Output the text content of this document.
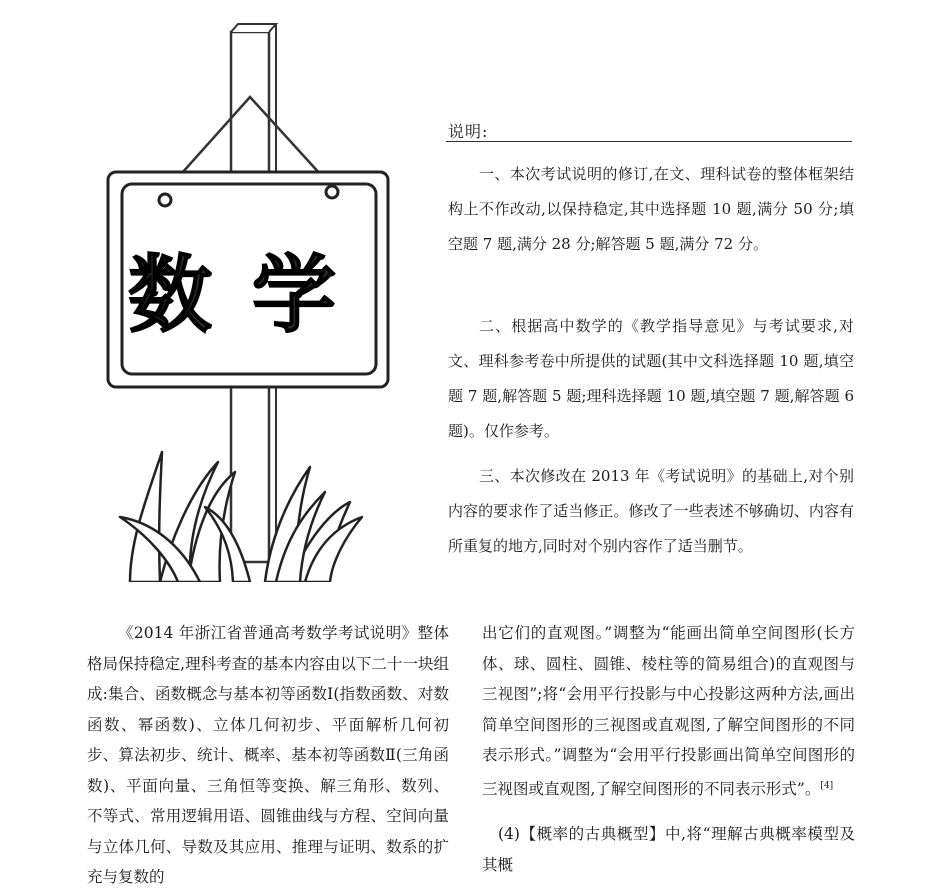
数学
说明:

一、本次考试说明的修订,在文、理科试卷的整体框架结构上不作改动,以保持稳定,其中选择题 10 题,满分 50 分;填空题 7 题,满分 28 分;解答题 5 题,满分 72 分。

二、根据高中数学的《教学指导意见》与考试要求,对文、理科参考卷中所提供的试题(其中文科选择题 10 题,填空题 7 题,解答题 5 题;理科选择题 10 题,填空题 7 题,解答题 6 题)。仅作参考。

三、本次修改在 2013 年《考试说明》的基础上,对个别内容的要求作了适当修正。修改了一些表述不够确切、内容有所重复的地方,同时对个别内容作了适当删节。

《2014 年浙江省普通高考数学考试说明》整体格局保持稳定,理科考查的基本内容由以下二十一块组成:集合、函数概念与基本初等函数Ⅰ(指数函数、对数函数、幂函数)、立体几何初步、平面解析几何初步、算法初步、统计、概率、基本初等函数Ⅱ(三角函数)、平面向量、三角恒等变换、解三角形、数列、不等式、常用逻辑用语、圆锥曲线与方程、空间向量与立体几何、导数及其应用、推理与证明、数系的扩充与复数的

出它们的直观图。”调整为“能画出简单空间图形(长方体、球、圆柱、圆锥、棱柱等的简易组合)的直观图与三视图”;将“会用平行投影与中心投影这两种方法,画出简单空间图形的三视图或直观图,了解空间图形的不同表示形式。”调整为“会用平行投影画出简单空间图形的三视图或直观图,了解空间图形的不同表示形式”。[4]

(4)【概率的古典概型】中,将“理解古典概率模型及其概
